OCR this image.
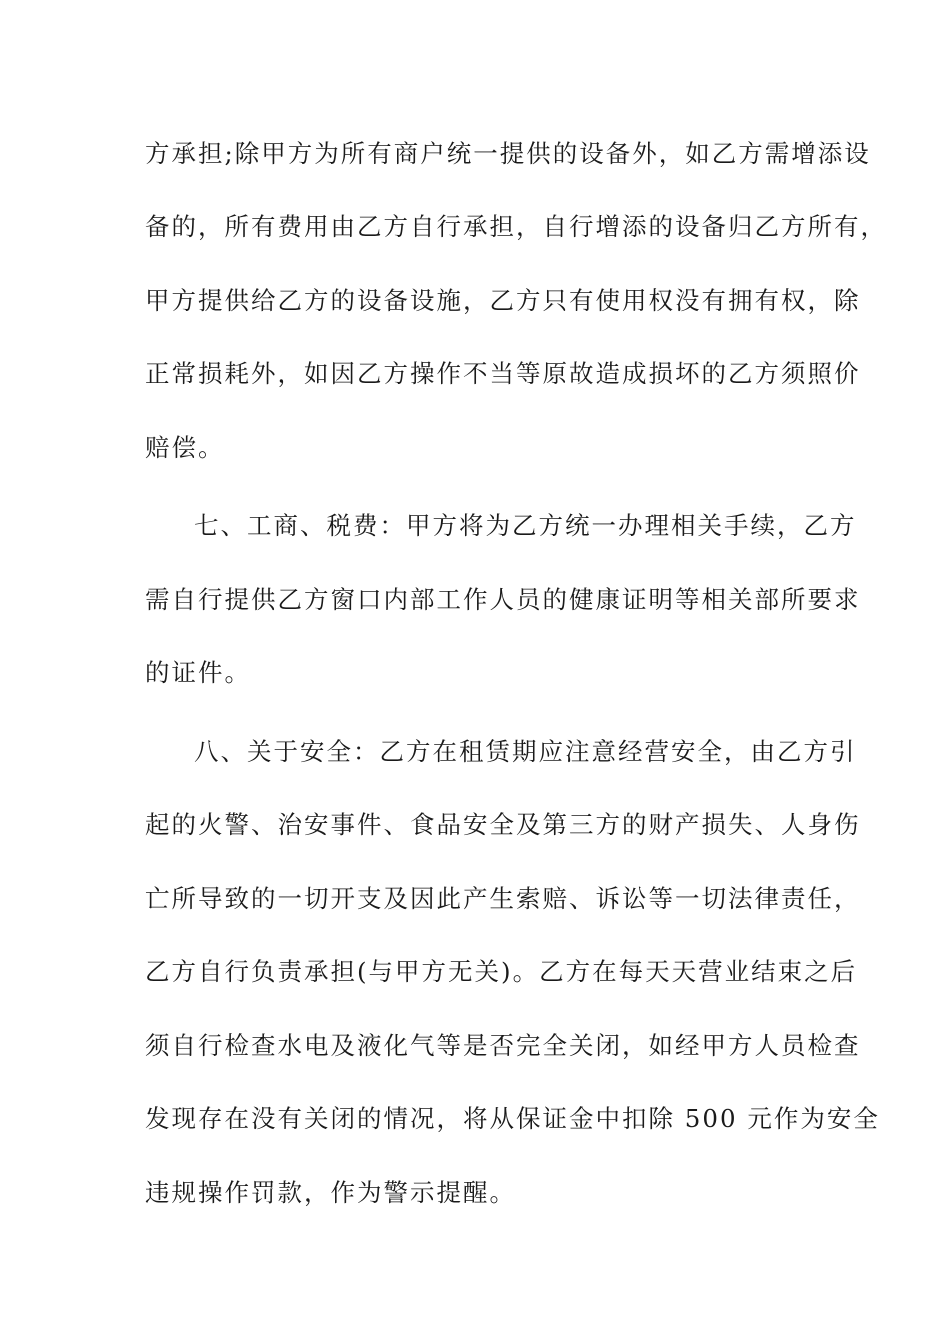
方承担;除甲方为所有商户统一提供的设备外，如乙方需增添设
备的，所有费用由乙方自行承担，自行增添的设备归乙方所有，
甲方提供给乙方的设备设施，乙方只有使用权没有拥有权，除
正常损耗外，如因乙方操作不当等原故造成损坏的乙方须照价
赔偿。
七、工商、税费：甲方将为乙方统一办理相关手续，乙方
需自行提供乙方窗口内部工作人员的健康证明等相关部所要求
的证件。
八、关于安全：乙方在租赁期应注意经营安全，由乙方引
起的火警、治安事件、食品安全及第三方的财产损失、人身伤
亡所导致的一切开支及因此产生索赔、诉讼等一切法律责任，
乙方自行负责承担(与甲方无关)。乙方在每天天营业结束之后
须自行检查水电及液化气等是否完全关闭，如经甲方人员检查
发现存在没有关闭的情况，将从保证金中扣除 500 元作为安全
违规操作罚款，作为警示提醒。
